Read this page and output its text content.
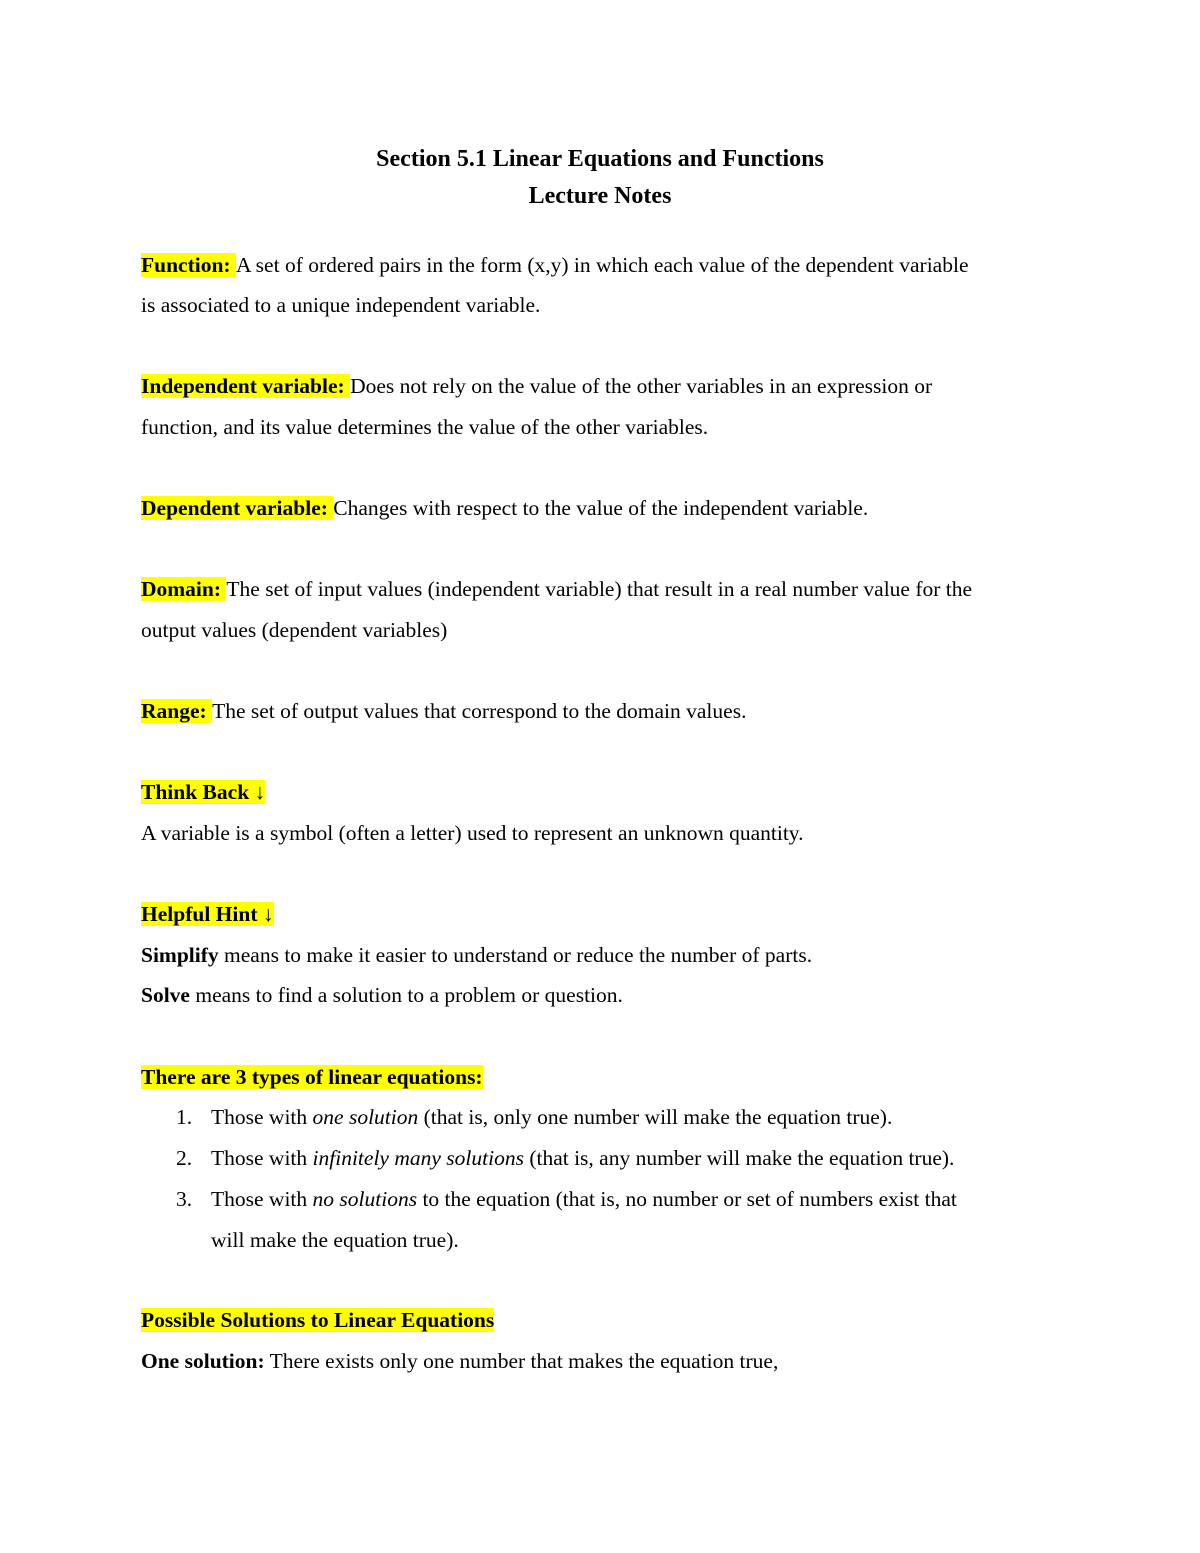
Section 5.1 Linear Equations and Functions
Lecture Notes
Function: A set of ordered pairs in the form (x,y) in which each value of the dependent variable
is associated to a unique independent variable.
Independent variable: Does not rely on the value of the other variables in an expression or
function, and its value determines the value of the other variables.
Dependent variable: Changes with respect to the value of the independent variable.
Domain: The set of input values (independent variable) that result in a real number value for the
output values (dependent variables)
Range: The set of output values that correspond to the domain values.
Think Back ↓
A variable is a symbol (often a letter) used to represent an unknown quantity.
Helpful Hint ↓
Simplify means to make it easier to understand or reduce the number of parts.
Solve means to find a solution to a problem or question.
There are 3 types of linear equations:
1. Those with one solution (that is, only one number will make the equation true).
2. Those with infinitely many solutions (that is, any number will make the equation true).
3. Those with no solutions to the equation (that is, no number or set of numbers exist that
will make the equation true).
Possible Solutions to Linear Equations
One solution: There exists only one number that makes the equation true,
